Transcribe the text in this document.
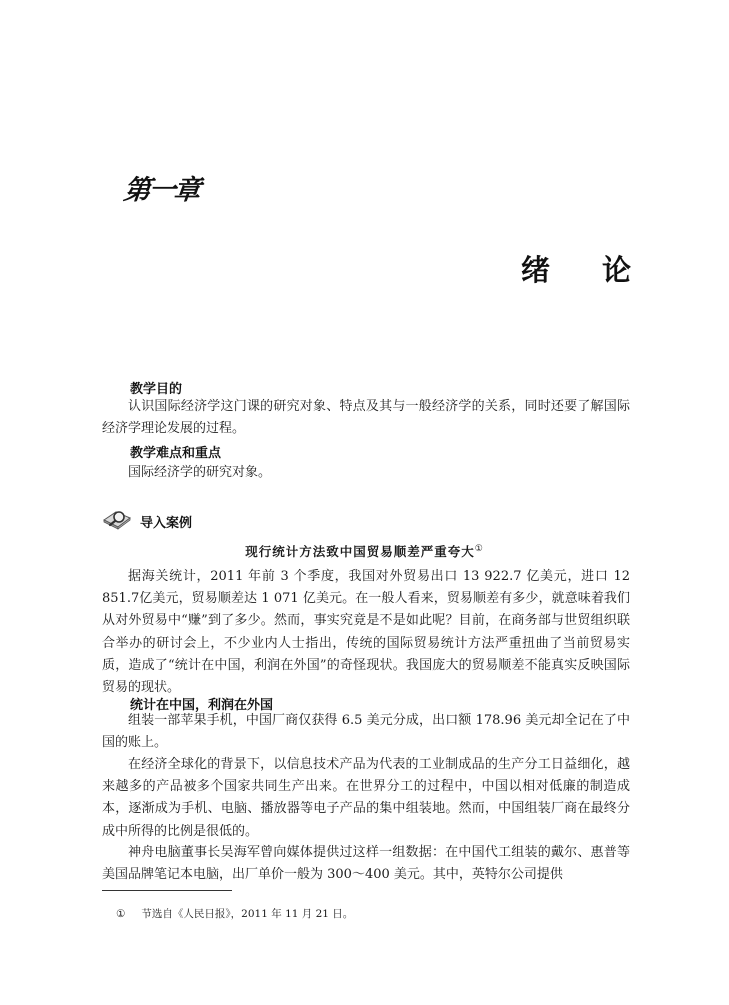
第一章
绪论
教学目的

认识国际经济学这门课的研究对象、特点及其与一般经济学的关系，同时还要了解国际经济学理论发展的过程。

教学难点和重点
国际经济学的研究对象。
导入案例
现行统计方法致中国贸易顺差严重夸大①

据海关统计，2011 年前 3 个季度，我国对外贸易出口 13 922.7 亿美元，进口 12 851.7亿美元，贸易顺差达 1 071 亿美元。在一般人看来，贸易顺差有多少，就意味着我们从对外贸易中“赚”到了多少。然而，事实究竟是不是如此呢？目前，在商务部与世贸组织联合举办的研讨会上，不少业内人士指出，传统的国际贸易统计方法严重扭曲了当前贸易实质，造成了“统计在中国，利润在外国”的奇怪现状。我国庞大的贸易顺差不能真实反映国际贸易的现状。

统计在中国，利润在外国

组装一部苹果手机，中国厂商仅获得 6.5 美元分成，出口额 178.96 美元却全记在了中国的账上。

在经济全球化的背景下，以信息技术产品为代表的工业制成品的生产分工日益细化，越来越多的产品被多个国家共同生产出来。在世界分工的过程中，中国以相对低廉的制造成本，逐渐成为手机、电脑、播放器等电子产品的集中组装地。然而，中国组装厂商在最终分成中所得的比例是很低的。

神舟电脑董事长吴海军曾向媒体提供过这样一组数据：在中国代工组装的戴尔、惠普等美国品牌笔记本电脑，出厂单价一般为 300～400 美元。其中，英特尔公司提供

① 节选自《人民日报》，2011 年 11 月 21 日。
